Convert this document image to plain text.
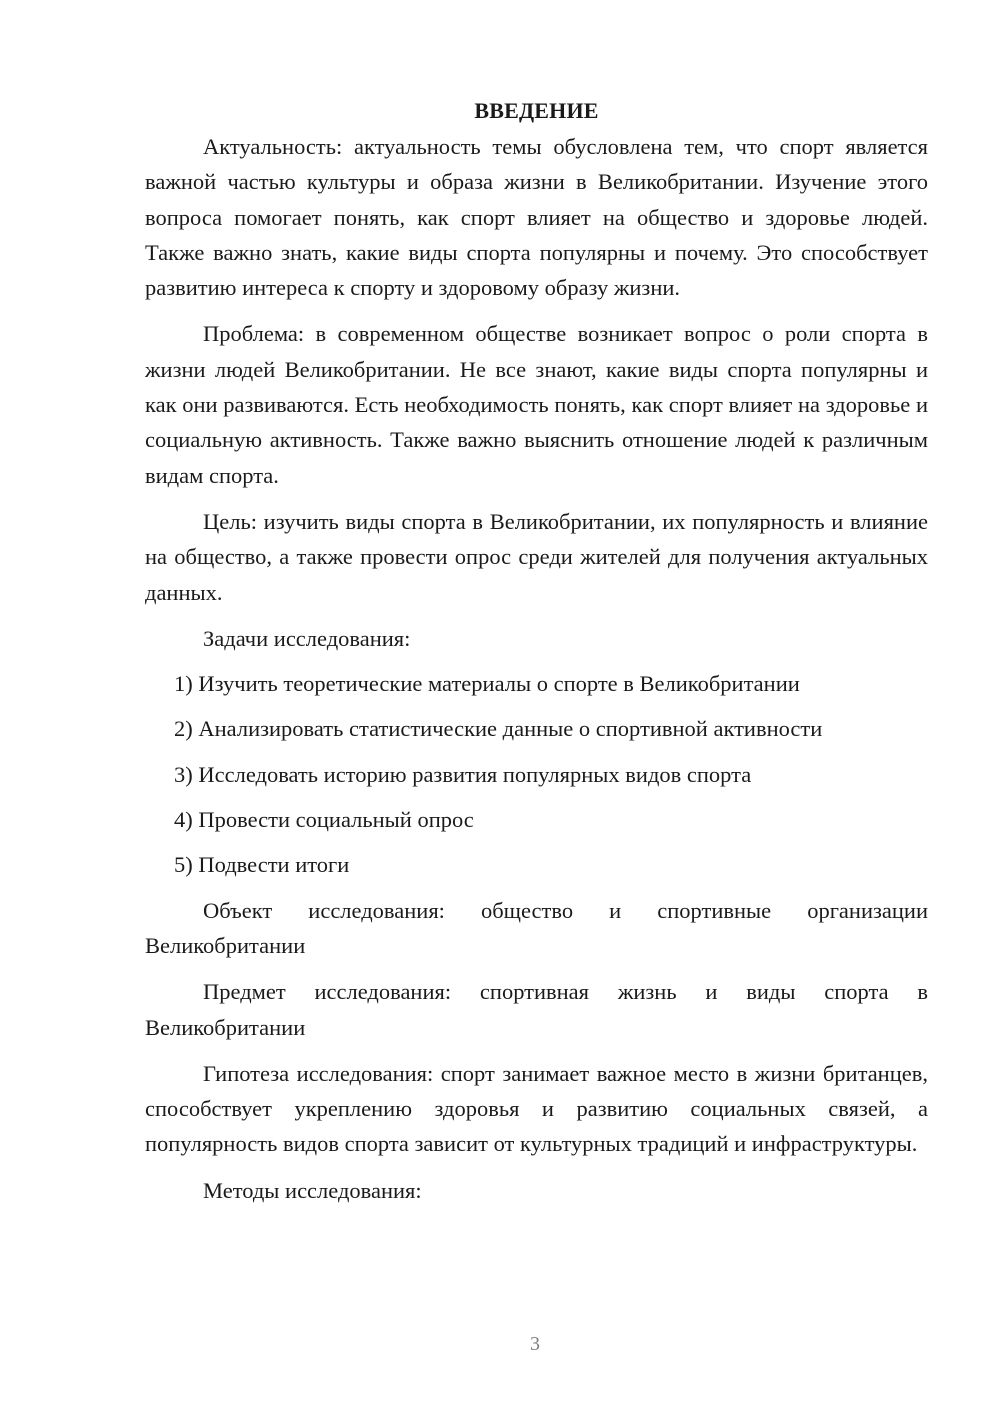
ВВЕДЕНИЕ

Актуальность: актуальность темы обусловлена тем, что спорт является важной частью культуры и образа жизни в Великобритании. Изучение этого вопроса помогает понять, как спорт влияет на общество и здоровье людей. Также важно знать, какие виды спорта популярны и почему. Это способствует развитию интереса к спорту и здоровому образу жизни.

Проблема: в современном обществе возникает вопрос о роли спорта в жизни людей Великобритании. Не все знают, какие виды спорта популярны и как они развиваются. Есть необходимость понять, как спорт влияет на здоровье и социальную активность. Также важно выяснить отношение людей к различным видам спорта.

Цель: изучить виды спорта в Великобритании, их популярность и влияние на общество, а также провести опрос среди жителей для получения актуальных данных.

Задачи исследования:

1) Изучить теоретические материалы о спорте в Великобритании
2) Анализировать статистические данные о спортивной активности
3) Исследовать историю развития популярных видов спорта
4) Провести социальный опрос
5) Подвести итоги

Объект исследования: общество и спортивные организации Великобритании

Предмет исследования: спортивная жизнь и виды спорта в Великобритании

Гипотеза исследования: спорт занимает важное место в жизни британцев, способствует укреплению здоровья и развитию социальных связей, а популярность видов спорта зависит от культурных традиций и инфраструктуры.

Методы исследования:

3
